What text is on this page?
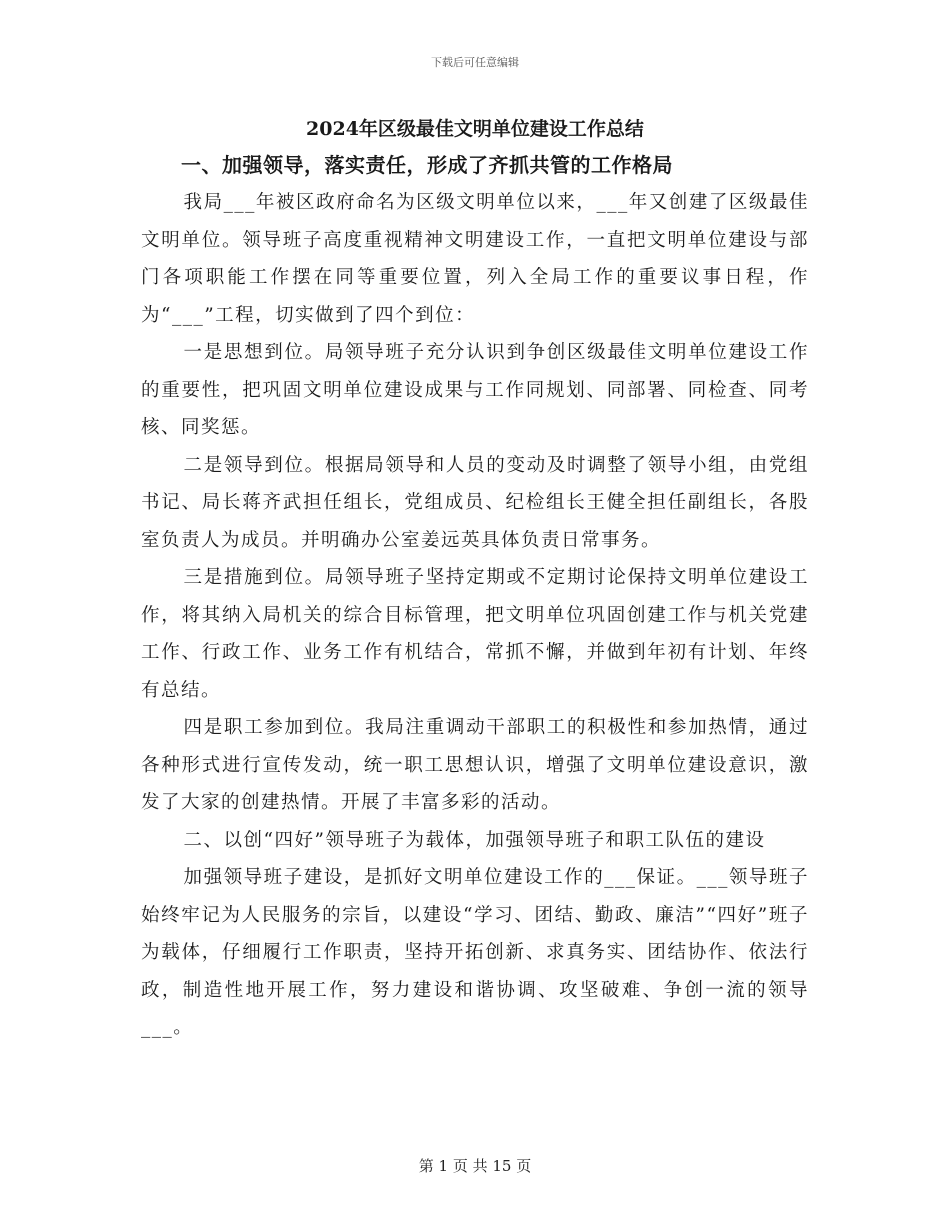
下载后可任意编辑
2024年区级最佳文明单位建设工作总结
一、加强领导，落实责任，形成了齐抓共管的工作格局

我局___年被区政府命名为区级文明单位以来，___年又创建了区级最佳文明单位。领导班子高度重视精神文明建设工作，一直把文明单位建设与部门各项职能工作摆在同等重要位置，列入全局工作的重要议事日程，作为“___”工程，切实做到了四个到位：

一是思想到位。局领导班子充分认识到争创区级最佳文明单位建设工作的重要性，把巩固文明单位建设成果与工作同规划、同部署、同检查、同考核、同奖惩。

二是领导到位。根据局领导和人员的变动及时调整了领导小组，由党组书记、局长蒋齐武担任组长，党组成员、纪检组长王健全担任副组长，各股室负责人为成员。并明确办公室姜远英具体负责日常事务。

三是措施到位。局领导班子坚持定期或不定期讨论保持文明单位建设工作，将其纳入局机关的综合目标管理，把文明单位巩固创建工作与机关党建工作、行政工作、业务工作有机结合，常抓不懈，并做到年初有计划、年终有总结。

四是职工参加到位。我局注重调动干部职工的积极性和参加热情，通过各种形式进行宣传发动，统一职工思想认识，增强了文明单位建设意识，激发了大家的创建热情。开展了丰富多彩的活动。

二、以创“四好”领导班子为载体，加强领导班子和职工队伍的建设

加强领导班子建设，是抓好文明单位建设工作的___保证。___领导班子始终牢记为人民服务的宗旨，以建设“学习、团结、勤政、廉洁”“四好”班子为载体，仔细履行工作职责，坚持开拓创新、求真务实、团结协作、依法行政，制造性地开展工作，努力建设和谐协调、攻坚破难、争创一流的领导___。

第 1 页 共 15 页
